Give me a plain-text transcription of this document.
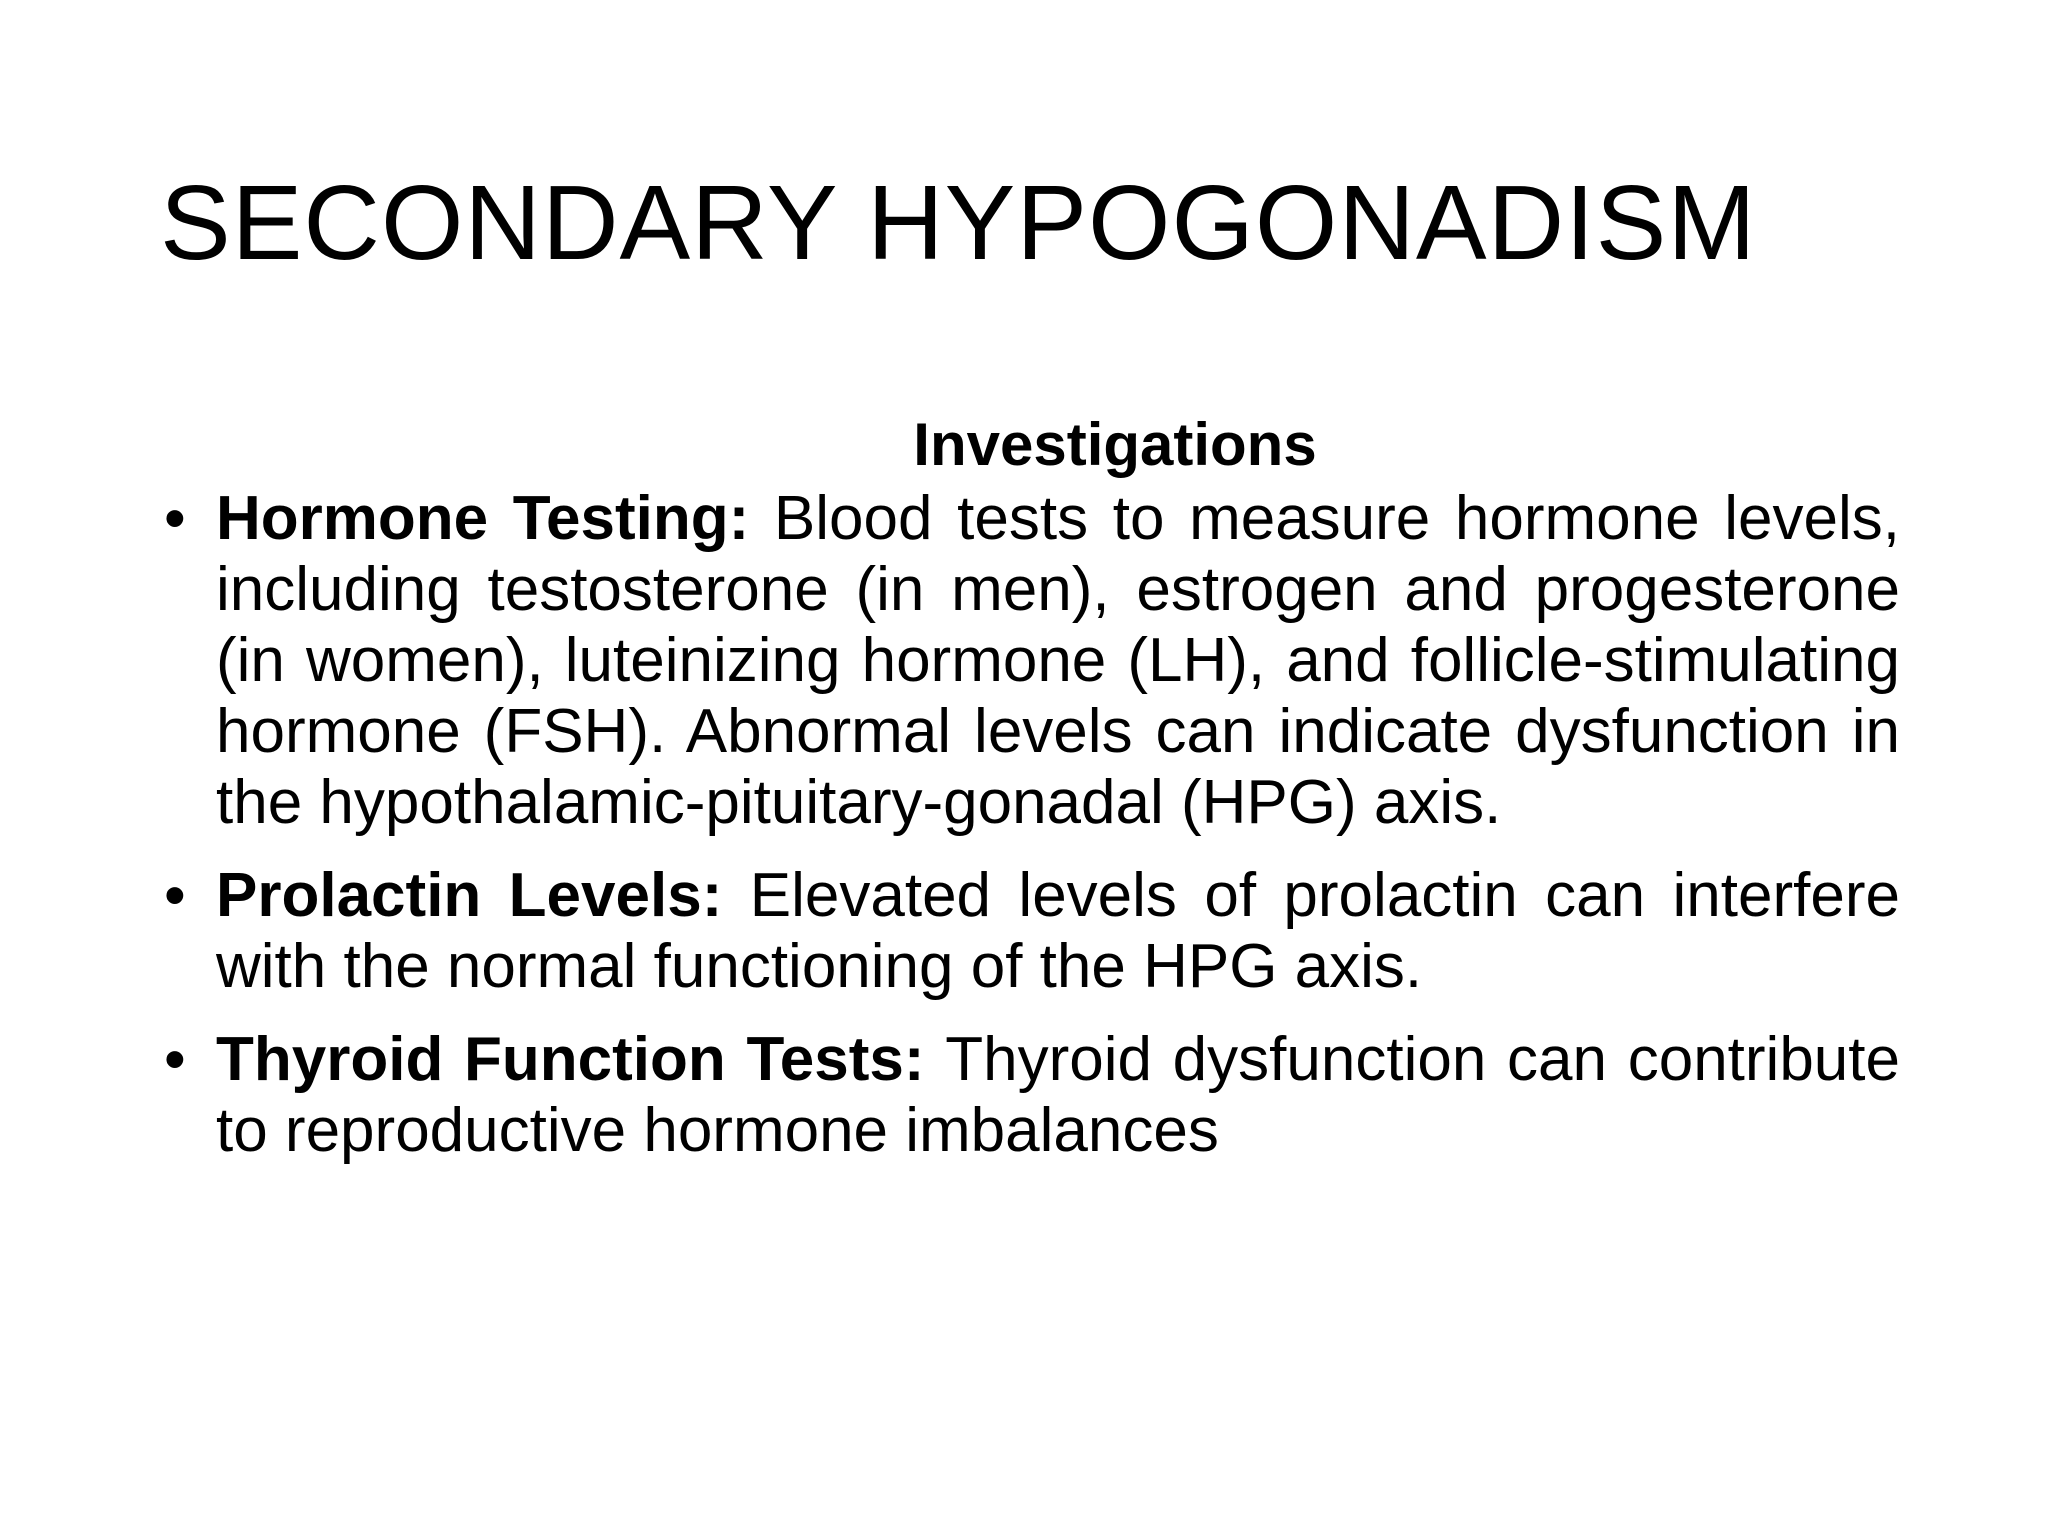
SECONDARY HYPOGONADISM
Investigations
• Hormone Testing: Blood tests to measure hormone levels, including testosterone (in men), estrogen and progesterone (in women), luteinizing hormone (LH), and follicle-stimulating hormone (FSH). Abnormal levels can indicate dysfunction in the hypothalamic-pituitary-gonadal (HPG) axis.
• Prolactin Levels: Elevated levels of prolactin can interfere with the normal functioning of the HPG axis.
• Thyroid Function Tests: Thyroid dysfunction can contribute to reproductive hormone imbalances
